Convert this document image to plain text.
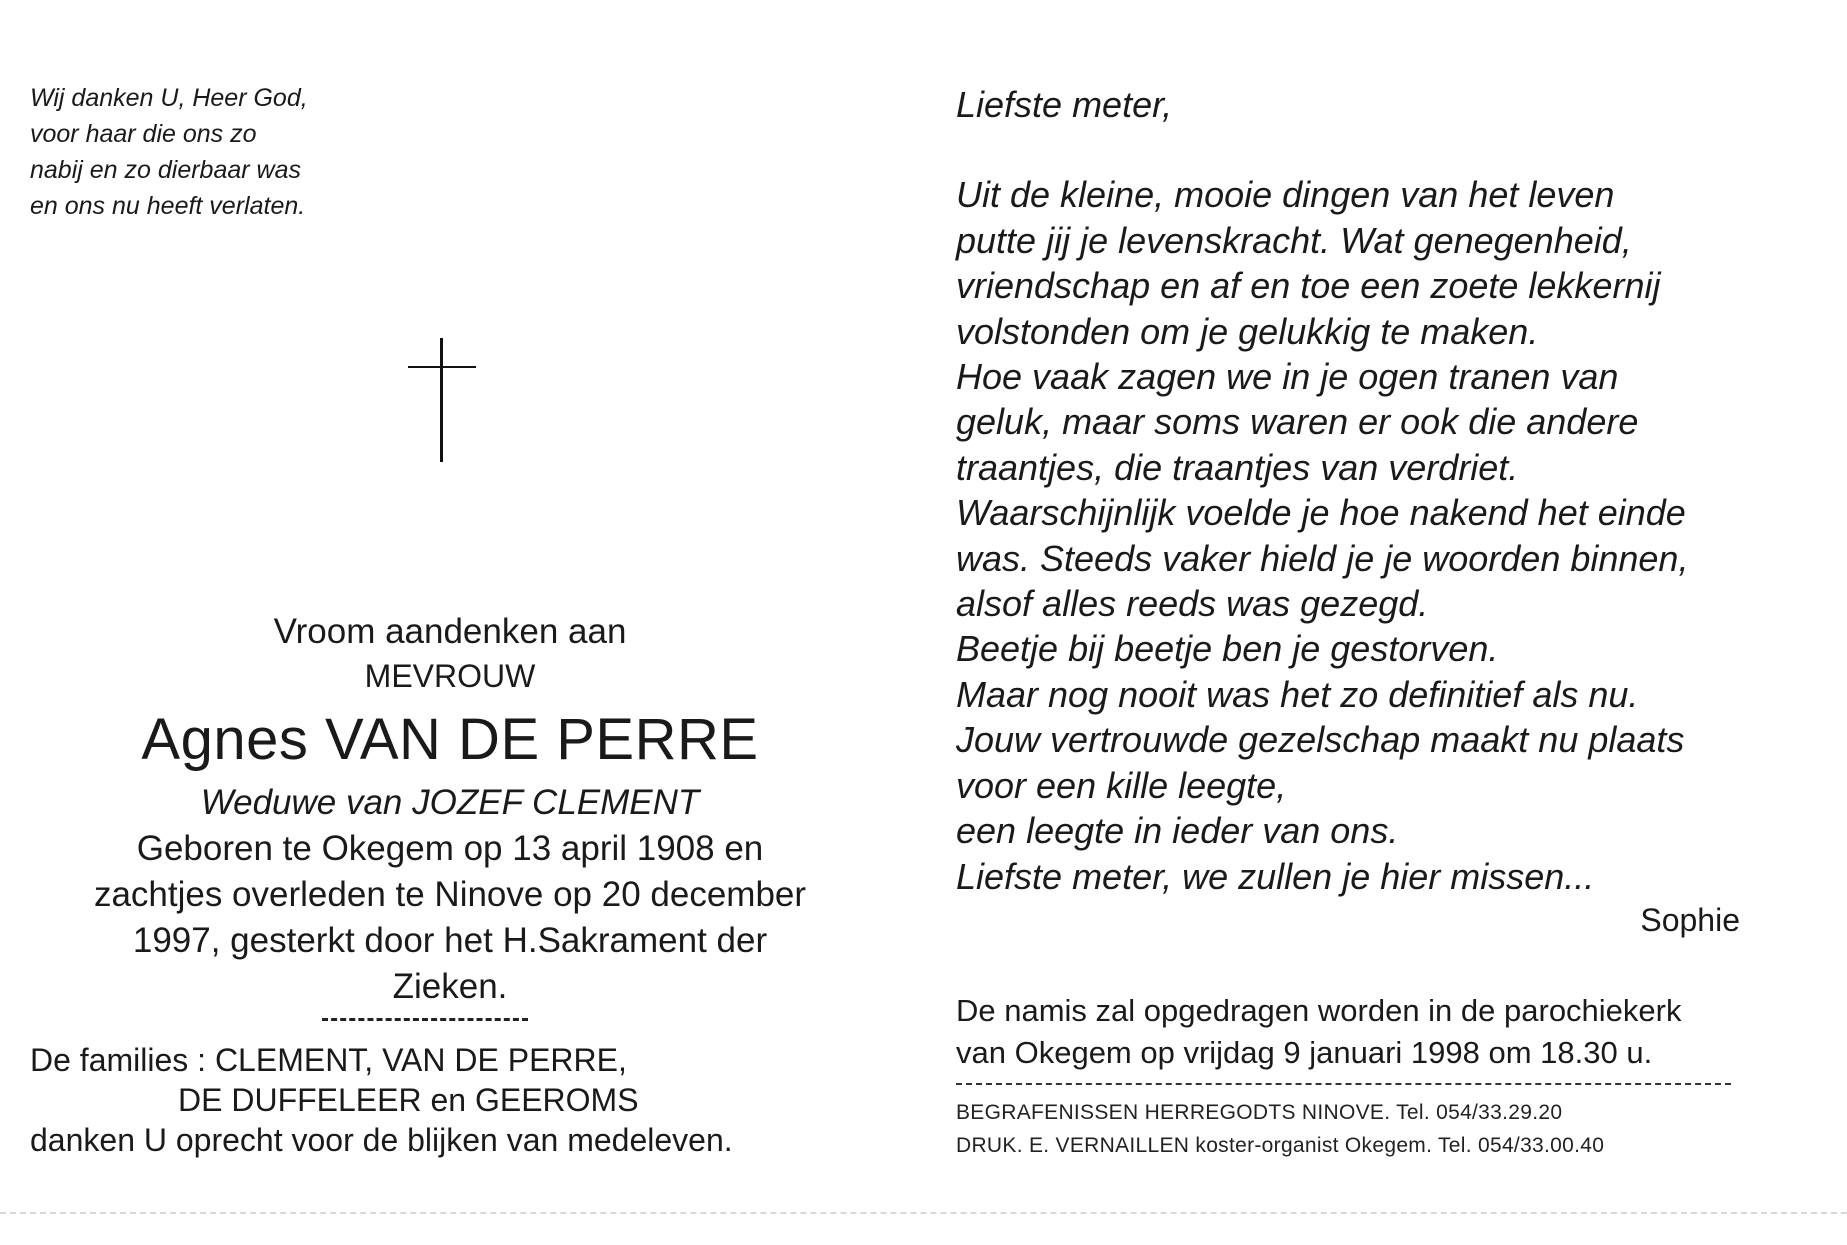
Wij danken U, Heer God,
voor haar die ons zo
nabij en zo dierbaar was
en ons nu heeft verlaten.
Vroom aandenken aan
MEVROUW
Agnes VAN DE PERRE
Weduwe van JOZEF CLEMENT
Geboren te Okegem op 13 april 1908 en
zachtjes overleden te Ninove op 20 december
1997, gesterkt door het H.Sakrament der
Zieken.
De families : CLEMENT, VAN DE PERRE,
DE DUFFELEER en GEEROMS
danken U oprecht voor de blijken van medeleven.
Liefste meter,
Uit de kleine, mooie dingen van het leven
putte jij je levenskracht. Wat genegenheid,
vriendschap en af en toe een zoete lekkernij
volstonden om je gelukkig te maken.
Hoe vaak zagen we in je ogen tranen van
geluk, maar soms waren er ook die andere
traantjes, die traantjes van verdriet.
Waarschijnlijk voelde je hoe nakend het einde
was. Steeds vaker hield je je woorden binnen,
alsof alles reeds was gezegd.
Beetje bij beetje ben je gestorven.
Maar nog nooit was het zo definitief als nu.
Jouw vertrouwde gezelschap maakt nu plaats
voor een kille leegte,
een leegte in ieder van ons.
Liefste meter, we zullen je hier missen...
Sophie
De namis zal opgedragen worden in de parochiekerk
van Okegem op vrijdag 9 januari 1998 om 18.30 u.
BEGRAFENISSEN HERREGODTS NINOVE. Tel. 054/33.29.20
DRUK. E. VERNAILLEN koster-organist Okegem. Tel. 054/33.00.40
